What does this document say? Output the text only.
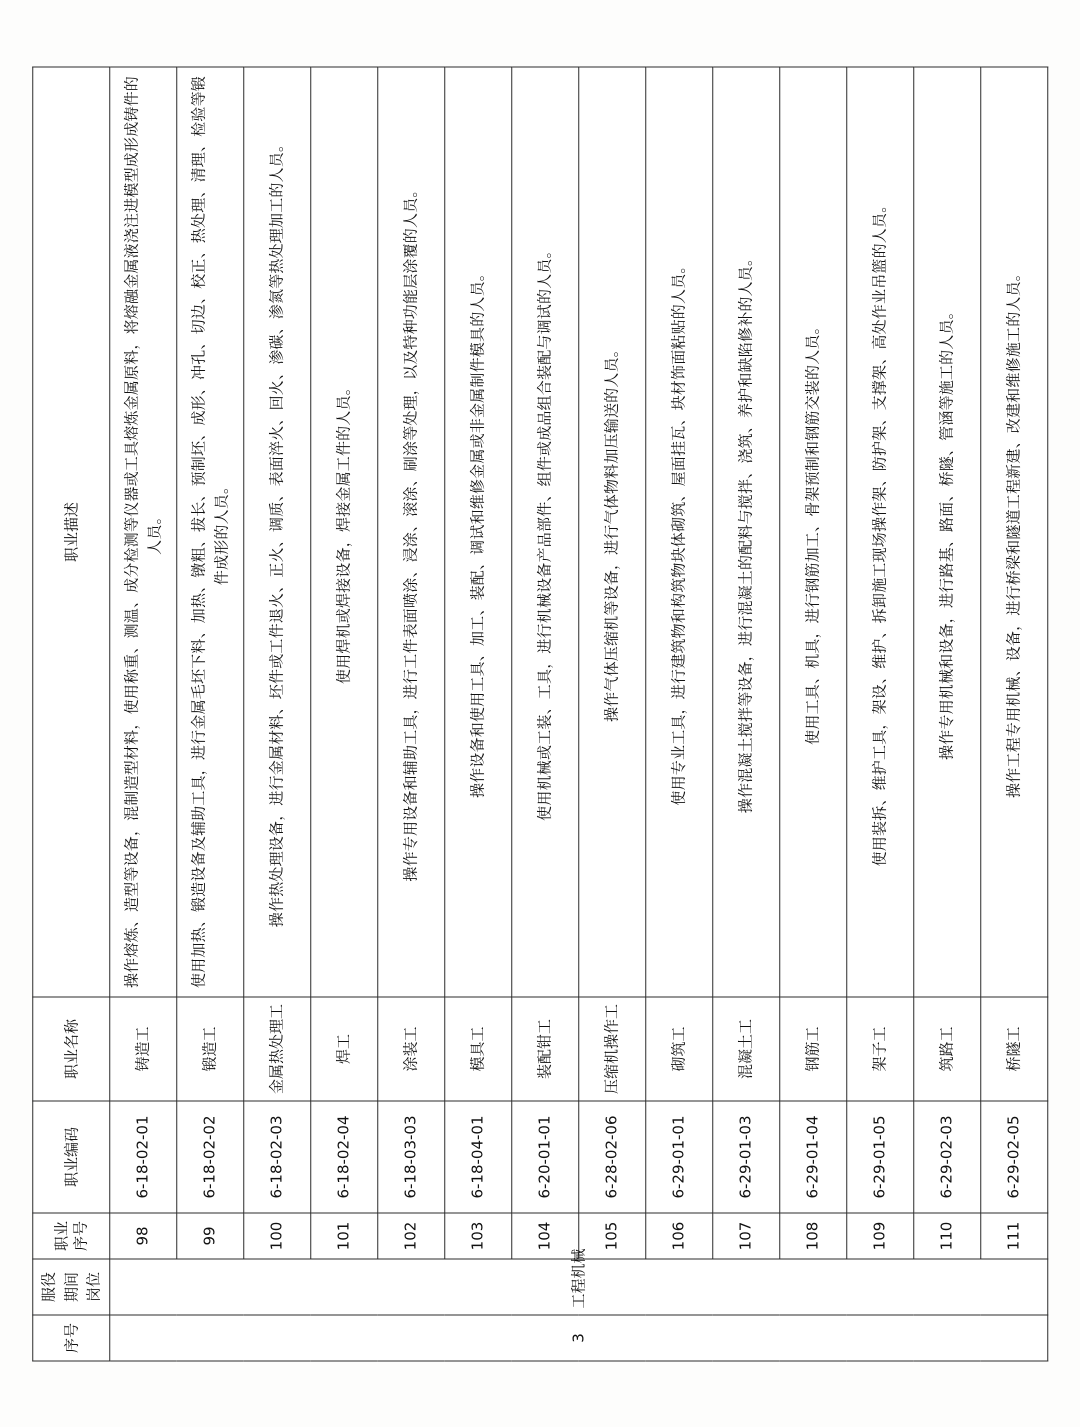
序号	服役期间岗位	职业 序号	职业编码	职业名称	职业描述
3	工程机械	98	6-18-02-01	铸造工	操作熔炼、造型等设备，混制造型材料，使用称重、测温、成分检测等仪器或工具熔炼金属原料，将熔融金属液浇注进模型成形成铸件的人员。
		99	6-18-02-02	锻造工	使用加热、锻造设备及辅助工具，进行金属毛坯下料、加热、镦粗、拔长、预制坯、成形、冲孔、切边、校正、热处理、清理、检验等锻件成形的人员。
		100	6-18-02-03	金属热处理工	操作热处理设备，进行金属材料、坯件或工件退火、正火、调质、表面淬火、回火、渗碳、渗氮等热处理加工的人员。
		101	6-18-02-04	焊工	使用焊机或焊接设备，焊接金属工件的人员。
		102	6-18-03-03	涂装工	操作专用设备和辅助工具，进行工件表面喷涂、浸涂、滚涂、刷涂等处理，以及特种功能层涂覆的人员。
		103	6-18-04-01	模具工	操作设备和使用工具、加工、装配、调试和维修金属或非金属制件模具的人员。
		104	6-20-01-01	装配钳工	使用机械或工装、工具，进行机械设备产品部件、组件或成品组合装配与调试的人员。
		105	6-28-02-06	压缩机操作工	操作气体压缩机等设备，进行气体物料加压输送的人员。
		106	6-29-01-01	砌筑工	使用专业工具，进行建筑物和构筑物块体砌筑、屋面挂瓦、块材饰面粘贴的人员。
		107	6-29-01-03	混凝土工	操作混凝土搅拌等设备，进行混凝土的配料与搅拌、浇筑、养护和缺陷修补的人员。
		108	6-29-01-04	钢筋工	使用工具、机具，进行钢筋加工、骨架预制和钢筋交装的人员。
		109	6-29-01-05	架子工	使用装拆、维护工具，架设、维护、拆卸施工现场操作架、防护架、支撑架、高处作业吊篮的人员。
		110	6-29-02-03	筑路工	操作专用机械和设备，进行路基、路面、桥隧、管涵等施工的人员。
		111	6-29-02-05	桥隧工	操作工程专用机械、设备，进行桥梁和隧道工程新建、改建和维修施工的人员。
